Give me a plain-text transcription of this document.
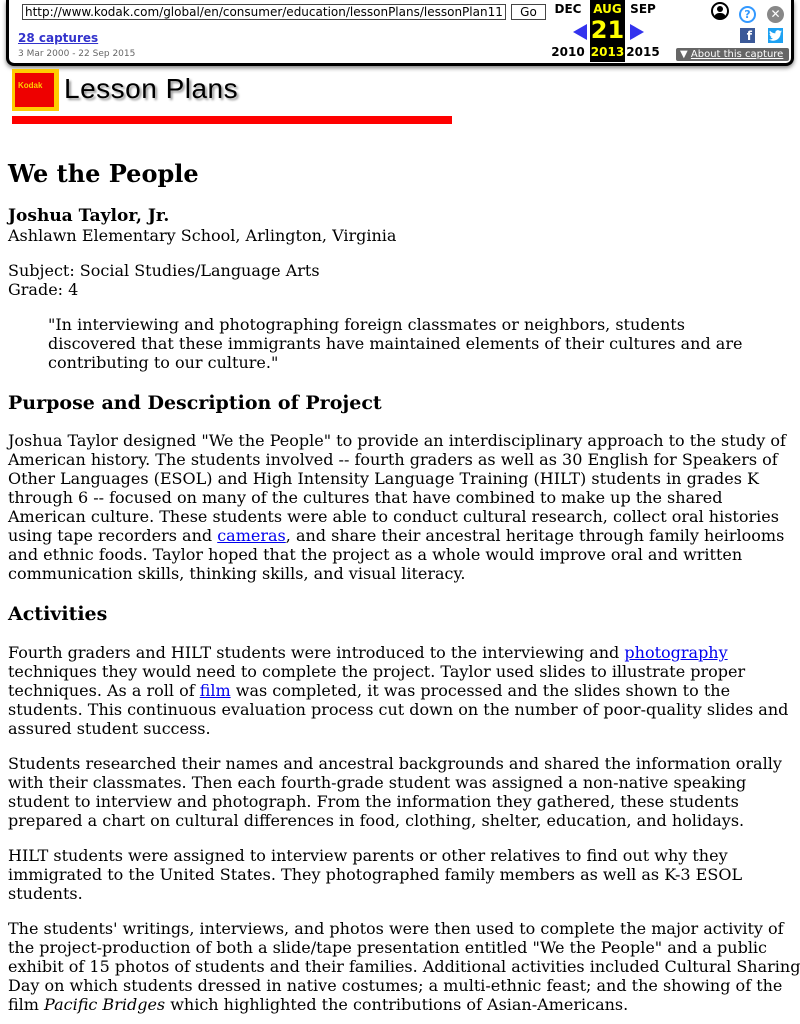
http://www.kodak.com/global/en/consumer/education/lessonPlans/lessonPlan11	Go
28 captures
3 Mar 2000 - 22 Sep 2015
DEC
2010
AUG
21
2013
SEP
2015
?	✕
f
▼ About this capture
Kodak Lesson Plans
We the People
Joshua Taylor, Jr.
Ashlawn Elementary School, Arlington, Virginia
Subject: Social Studies/Language Arts
Grade: 4
"In interviewing and photographing foreign classmates or neighbors, students discovered that these immigrants have maintained elements of their cultures and are contributing to our culture."
Purpose and Description of Project

Joshua Taylor designed "We the People" to provide an interdisciplinary approach to the study of American history. The students involved -- fourth graders as well as 30 English for Speakers of Other Languages (ESOL) and High Intensity Language Training (HILT) students in grades K through 6 -- focused on many of the cultures that have combined to make up the shared American culture. These students were able to conduct cultural research, collect oral histories using tape recorders and cameras, and share their ancestral heritage through family heirlooms and ethnic foods. Taylor hoped that the project as a whole would improve oral and written communication skills, thinking skills, and visual literacy.

Activities

Fourth graders and HILT students were introduced to the interviewing and photography techniques they would need to complete the project. Taylor used slides to illustrate proper techniques. As a roll of film was completed, it was processed and the slides shown to the students. This continuous evaluation process cut down on the number of poor-quality slides and assured student success.

Students researched their names and ancestral backgrounds and shared the information orally with their classmates. Then each fourth-grade student was assigned a non-native speaking student to interview and photograph. From the information they gathered, these students prepared a chart on cultural differences in food, clothing, shelter, education, and holidays.

HILT students were assigned to interview parents or other relatives to find out why they immigrated to the United States. They photographed family members as well as K-3 ESOL students.

The students' writings, interviews, and photos were then used to complete the major activity of the project-production of both a slide/tape presentation entitled "We the People" and a public exhibit of 15 photos of students and their families. Additional activities included Cultural Sharing Day on which students dressed in native costumes; a multi-ethnic feast; and the showing of the film Pacific Bridges which highlighted the contributions of Asian-Americans.
